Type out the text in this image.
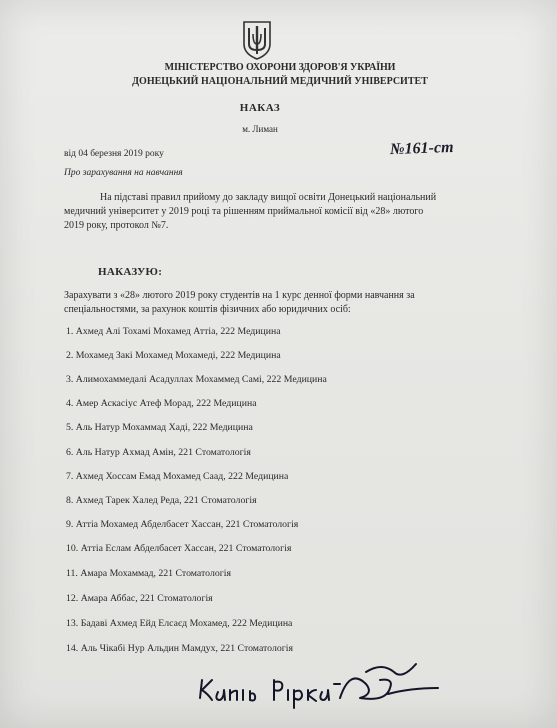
МІНІСТЕРСТВО ОХОРОНИ ЗДОРОВ'Я УКРАЇНИ
ДОНЕЦЬКИЙ НАЦІОНАЛЬНИЙ МЕДИЧНИЙ УНІВЕРСИТЕТ
НАКАЗ
м. Лиман
від 04 березня 2019 року	№161-ст
Про зарахування на навчання
На підставі правил прийому до закладу вищої освіти Донецький національний
медичний університет у 2019 році та рішенням приймальної комісії від «28» лютого
2019 року, протокол №7.
НАКАЗУЮ:
Зарахувати з «28» лютого 2019 року студентів на 1 курс денної форми навчання за
спеціальностями, за рахунок коштів фізичних або юридичних осіб:
1. Ахмед Алі Тохамі Мохамед Аттіа, 222 Медицина
2. Мохамед Закі Мохамед Мохамеді, 222 Медицина
3. Алимохаммедалі Асадуллах Мохаммед Самі, 222 Медицина
4. Амер Аскасіус Атеф Морад, 222 Медицина
5. Аль Натур Мохаммад Хаді, 222 Медицина
6. Аль Натур Ахмад Амін, 221 Стоматологія
7. Ахмед Хоссам Емад Мохамед Саад, 222 Медицина
8. Ахмед Тарек Халед Реда, 221 Стоматологія
9. Аттіа Мохамед Абделбасет Хассан, 221 Стоматологія
10. Аттіа Еслам Абделбасет Хассан, 221 Стоматологія
11. Амара Мохаммад, 221 Стоматологія
12. Амара Аббас, 221 Стоматологія
13. Бадаві Ахмед Ейд Елсаєд Мохамед, 222 Медицина
14. Аль Чікабі Нур Альдин Мамдух, 221 Стоматологія
Копія вірна
